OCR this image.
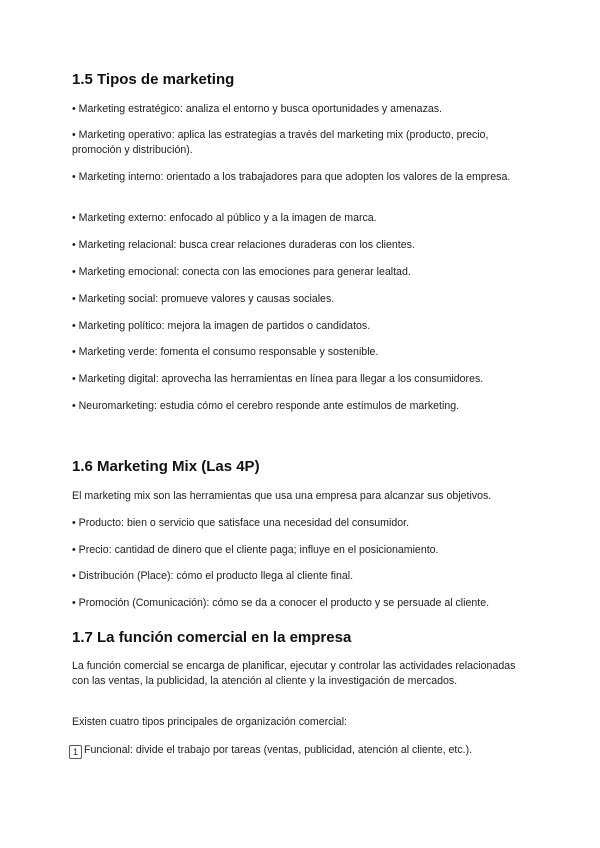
1.5 Tipos de marketing
• Marketing estratégico: analiza el entorno y busca oportunidades y amenazas.
• Marketing operativo: aplica las estrategias a través del marketing mix (producto, precio, promoción y distribución).
• Marketing interno: orientado a los trabajadores para que adopten los valores de la empresa.
• Marketing externo: enfocado al público y a la imagen de marca.
• Marketing relacional: busca crear relaciones duraderas con los clientes.
• Marketing emocional: conecta con las emociones para generar lealtad.
• Marketing social: promueve valores y causas sociales.
• Marketing político: mejora la imagen de partidos o candidatos.
• Marketing verde: fomenta el consumo responsable y sostenible.
• Marketing digital: aprovecha las herramientas en línea para llegar a los consumidores.
• Neuromarketing: estudia cómo el cerebro responde ante estímulos de marketing.
1.6 Marketing Mix (Las 4P)
El marketing mix son las herramientas que usa una empresa para alcanzar sus objetivos.
• Producto: bien o servicio que satisface una necesidad del consumidor.
• Precio: cantidad de dinero que el cliente paga; influye en el posicionamiento.
• Distribución (Place): cómo el producto llega al cliente final.
• Promoción (Comunicación): cómo se da a conocer el producto y se persuade al cliente.
1.7 La función comercial en la empresa
La función comercial se encarga de planificar, ejecutar y controlar las actividades relacionadas con las ventas, la publicidad, la atención al cliente y la investigación de mercados.
Existen cuatro tipos principales de organización comercial:
1 Funcional: divide el trabajo por tareas (ventas, publicidad, atención al cliente, etc.).
